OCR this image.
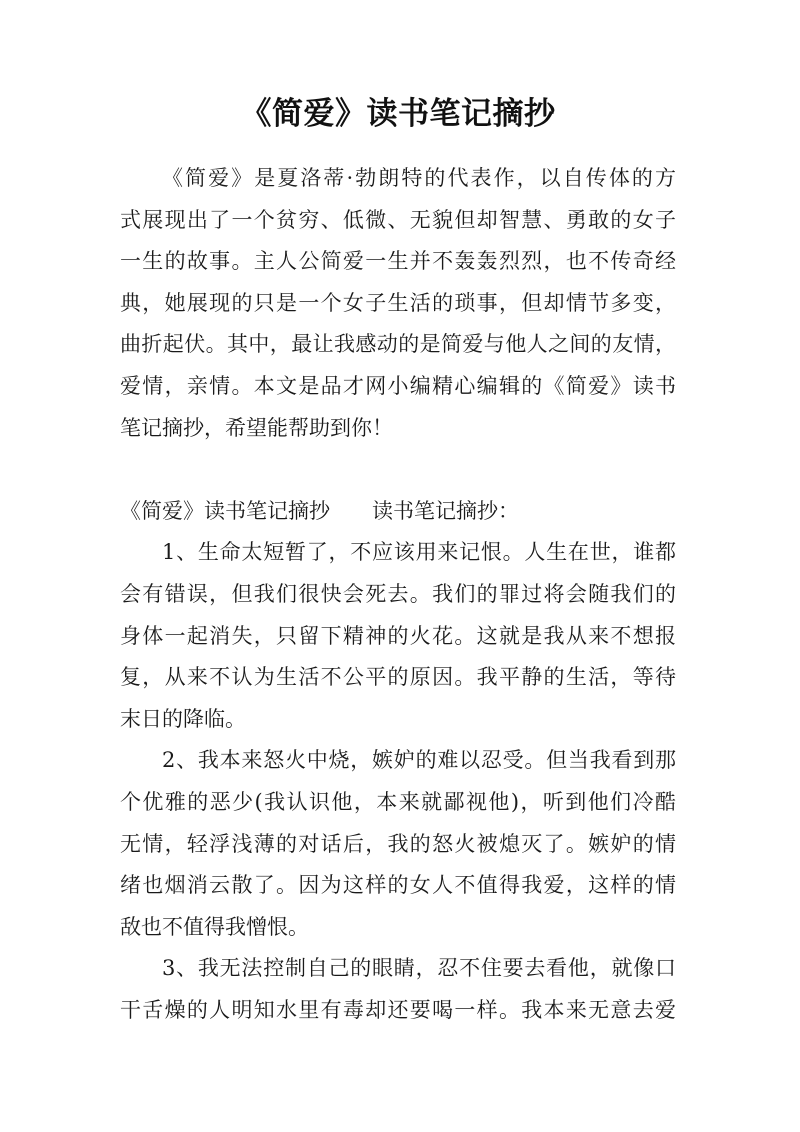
《简爱》读书笔记摘抄
《简爱》是夏洛蒂·勃朗特的代表作，以自传体的方
式展现出了一个贫穷、低微、无貌但却智慧、勇敢的女子
一生的故事。主人公简爱一生并不轰轰烈烈，也不传奇经
典，她展现的只是一个女子生活的琐事，但却情节多变，
曲折起伏。其中，最让我感动的是简爱与他人之间的友情，
爱情，亲情。本文是品才网小编精心编辑的《简爱》读书
笔记摘抄，希望能帮助到你！
《简爱》读书笔记摘抄　　读书笔记摘抄：
1、生命太短暂了，不应该用来记恨。人生在世，谁都
会有错误，但我们很快会死去。我们的罪过将会随我们的
身体一起消失，只留下精神的火花。这就是我从来不想报
复，从来不认为生活不公平的原因。我平静的生活，等待
末日的降临。
2、我本来怒火中烧，嫉妒的难以忍受。但当我看到那
个优雅的恶少(我认识他，本来就鄙视他)，听到他们冷酷
无情，轻浮浅薄的对话后，我的怒火被熄灭了。嫉妒的情
绪也烟消云散了。因为这样的女人不值得我爱，这样的情
敌也不值得我憎恨。
3、我无法控制自己的眼睛，忍不住要去看他，就像口
干舌燥的人明知水里有毒却还要喝一样。我本来无意去爱
